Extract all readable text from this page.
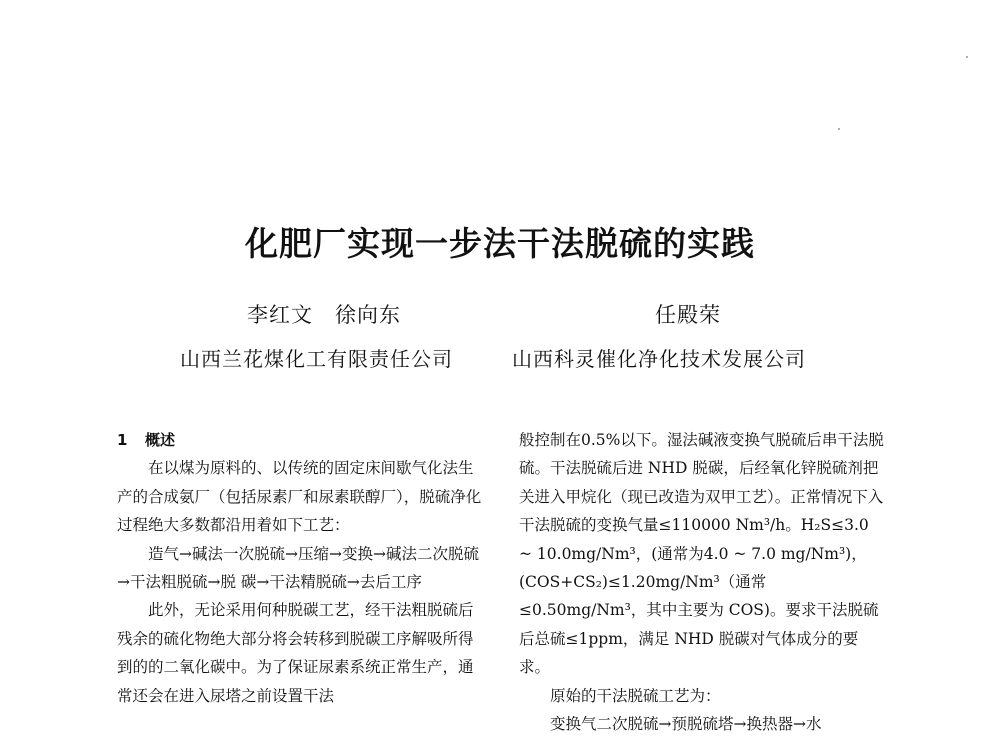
化肥厂实现一步法干法脱硫的实践
李红文　徐向东	任殿荣
山西兰花煤化工有限责任公司	山西科灵催化净化技术发展公司

1 概述

在以煤为原料的、以传统的固定床间歇气化法生产的合成氨厂（包括尿素厂和尿素联醇厂），脱硫净化过程绝大多数都沿用着如下工艺：

造气→碱法一次脱硫→压缩→变换→碱法二次脱硫→干法粗脱硫→脱 碳→干法精脱硫→去后工序

此外，无论采用何种脱碳工艺，经干法粗脱硫后残余的硫化物绝大部分将会转移到脱碳工序解吸所得到的的二氧化碳中。为了保证尿素系统正常生产，通常还会在进入尿塔之前设置干法

般控制在0.5%以下。湿法碱液变换气脱硫后串干法脱硫。干法脱硫后进 NHD 脱碳，后经氧化锌脱硫剂把关进入甲烷化（现已改造为双甲工艺）。正常情况下入干法脱硫的变换气量≤110000 Nm³/h。H₂S≤3.0 ~ 10.0mg/Nm³，(通常为4.0 ~ 7.0 mg/Nm³)，(COS+CS₂)≤1.20mg/Nm³（通常≤0.50mg/Nm³，其中主要为 COS)。要求干法脱硫后总硫≤1ppm，满足 NHD 脱碳对气体成分的要求。

原始的干法脱硫工艺为：

变换气二次脱硫→预脱硫塔→换热器→水
